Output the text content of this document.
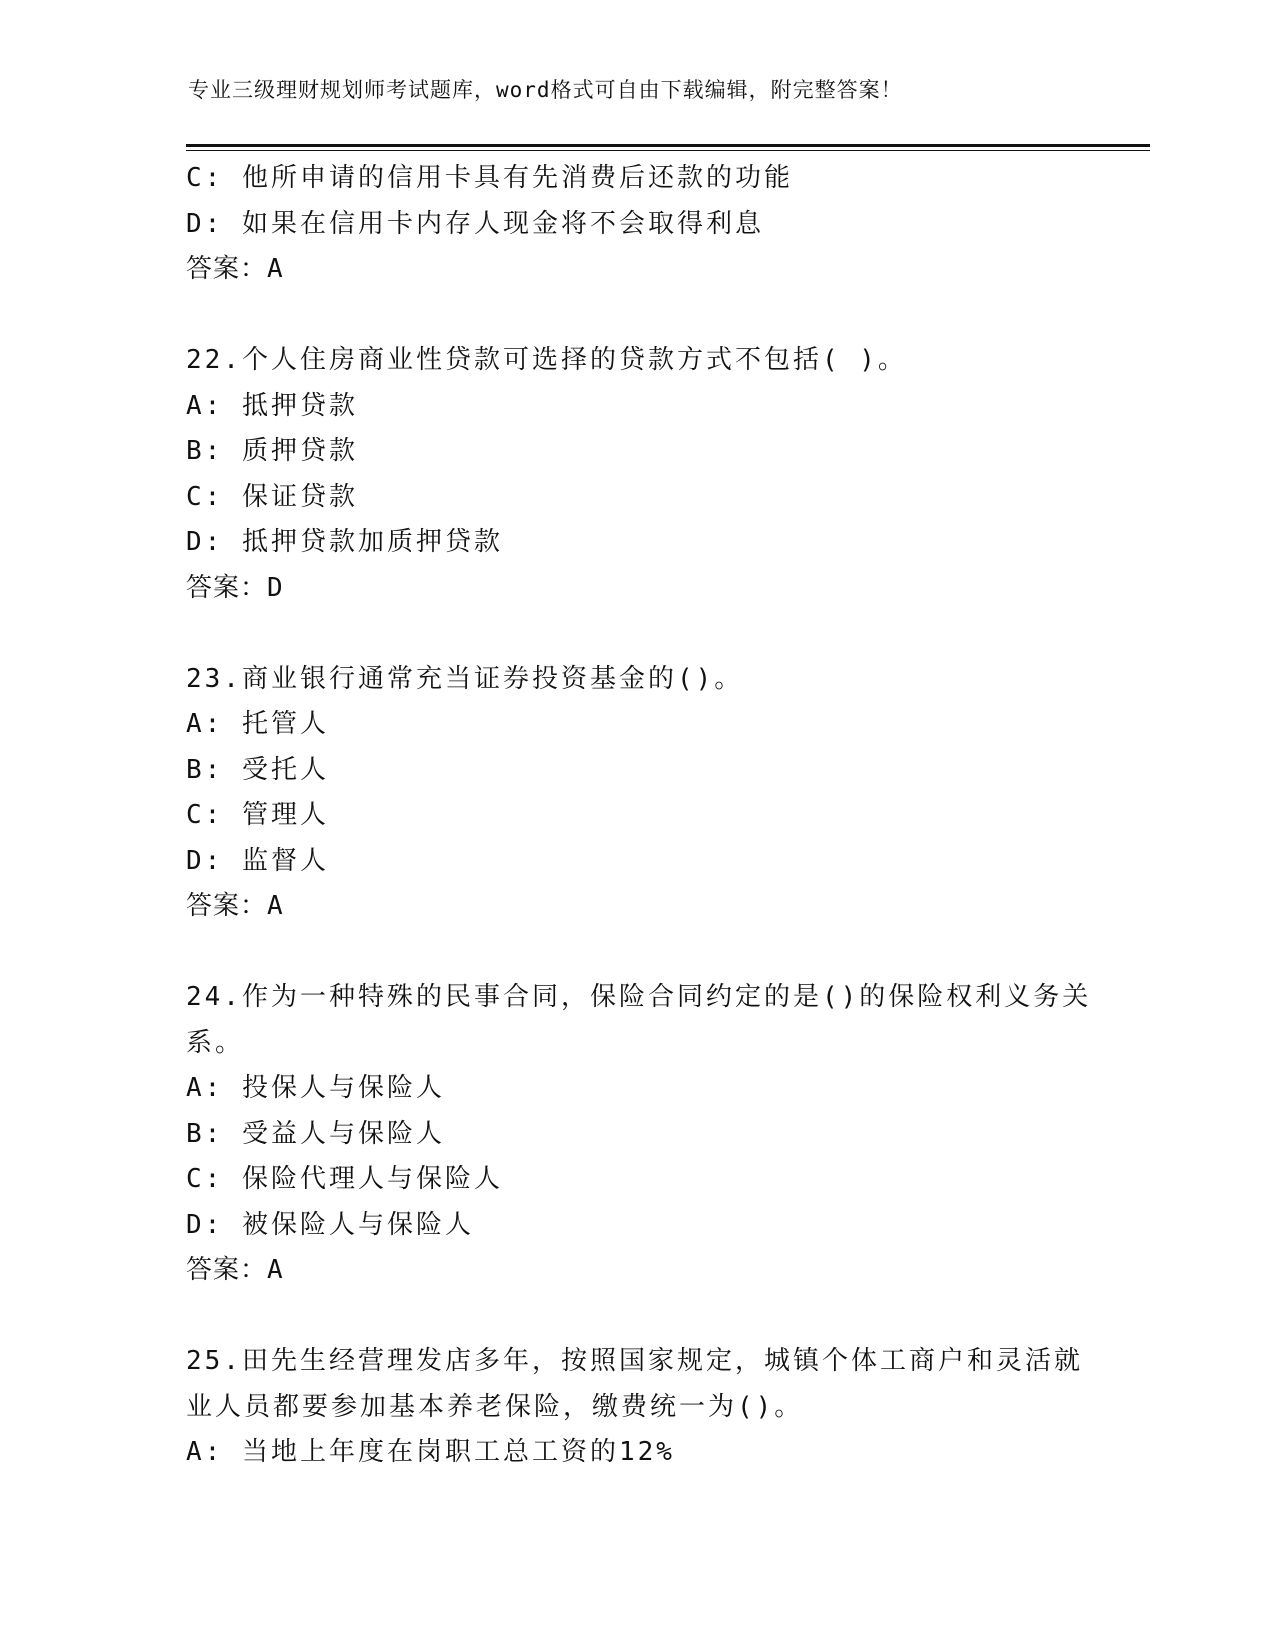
专业三级理财规划师考试题库，word格式可自由下载编辑，附完整答案！
C: 他所申请的信用卡具有先消费后还款的功能
D: 如果在信用卡内存人现金将不会取得利息
答案：A
22.个人住房商业性贷款可选择的贷款方式不包括( )。
A: 抵押贷款
B: 质押贷款
C: 保证贷款
D: 抵押贷款加质押贷款
答案：D
23.商业银行通常充当证券投资基金的()。
A: 托管人
B: 受托人
C: 管理人
D: 监督人
答案：A
24.作为一种特殊的民事合同，保险合同约定的是()的保险权利义务关
系。
A: 投保人与保险人
B: 受益人与保险人
C: 保险代理人与保险人
D: 被保险人与保险人
答案：A
25.田先生经营理发店多年，按照国家规定，城镇个体工商户和灵活就
业人员都要参加基本养老保险，缴费统一为()。
A: 当地上年度在岗职工总工资的12%
